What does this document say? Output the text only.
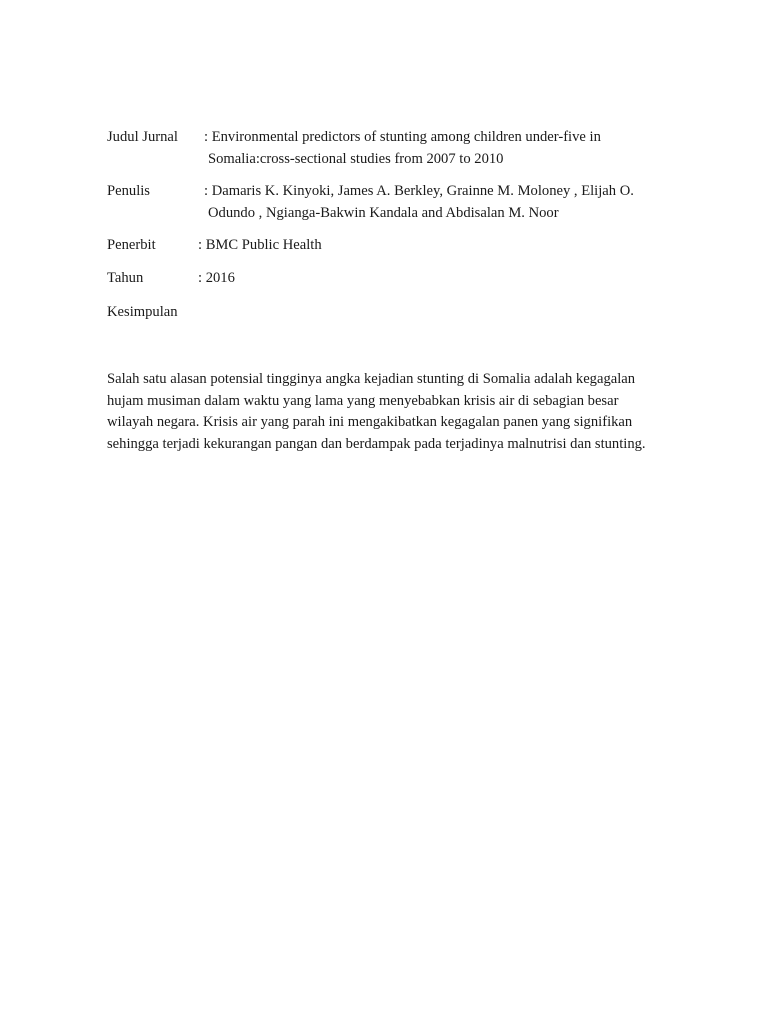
Judul Jurnal : Environmental predictors of stunting among children under-five in
Somalia:cross-sectional studies from 2007 to 2010
Penulis	: Damaris K. Kinyoki, James A. Berkley, Grainne M. Moloney , Elijah O.
Odundo , Ngianga-Bakwin Kandala and Abdisalan M. Noor
Penerbit	: BMC Public Health
Tahun	: 2016
Kesimpulan
Salah satu alasan potensial tingginya angka kejadian stunting di Somalia adalah kegagalan
hujam musiman dalam waktu yang lama yang menyebabkan krisis air di sebagian besar
wilayah negara. Krisis air yang parah ini mengakibatkan kegagalan panen yang signifikan
sehingga terjadi kekurangan pangan dan berdampak pada terjadinya malnutrisi dan stunting.
